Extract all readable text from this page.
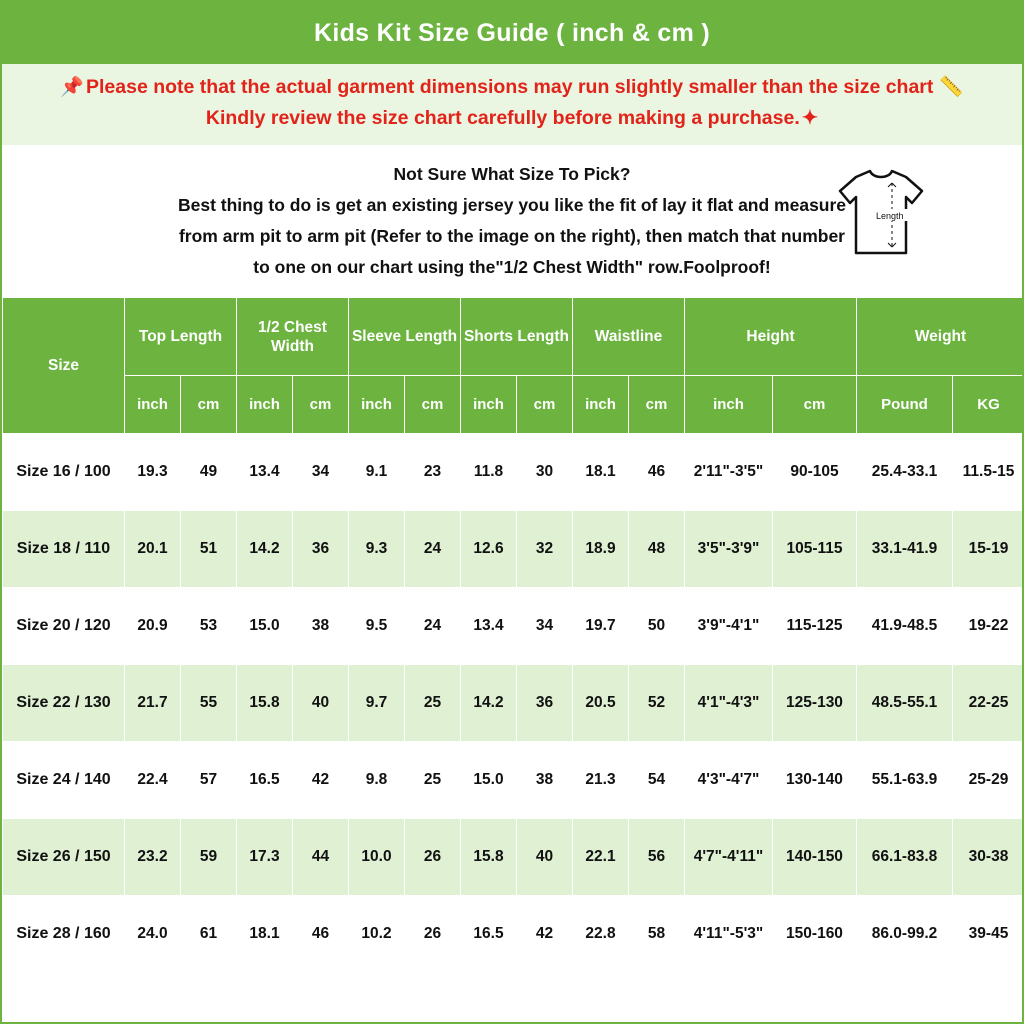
Kids Kit Size Guide ( inch & cm )
📌 Please note that the actual garment dimensions may run slightly smaller than the size chart 📏
Kindly review the size chart carefully before making a purchase. ✦
Not Sure What Size To Pick?
Best thing to do is get an existing jersey you like the fit of lay it flat and measure
from arm pit to arm pit (Refer to the image on the right), then match that number
to one on our chart using the"1/2 Chest Width" row.Foolproof!
Length
Size	Top Length		1/2 Chest Width		Sleeve Length		Shorts Length		Waistline		Height		Weight	
	inch	cm	inch	cm	inch	cm	inch	cm	inch	cm	inch	cm	Pound	KG
Size 16 / 100	19.3	49	13.4	34	9.1	23	11.8	30	18.1	46	2'11"-3'5"	90-105	25.4-33.1	11.5-15
Size 18 / 110	20.1	51	14.2	36	9.3	24	12.6	32	18.9	48	3'5"-3'9"	105-115	33.1-41.9	15-19
Size 20 / 120	20.9	53	15.0	38	9.5	24	13.4	34	19.7	50	3'9"-4'1"	115-125	41.9-48.5	19-22
Size 22 / 130	21.7	55	15.8	40	9.7	25	14.2	36	20.5	52	4'1"-4'3"	125-130	48.5-55.1	22-25
Size 24 / 140	22.4	57	16.5	42	9.8	25	15.0	38	21.3	54	4'3"-4'7"	130-140	55.1-63.9	25-29
Size 26 / 150	23.2	59	17.3	44	10.0	26	15.8	40	22.1	56	4'7"-4'11"	140-150	66.1-83.8	30-38
Size 28 / 160	24.0	61	18.1	46	10.2	26	16.5	42	22.8	58	4'11"-5'3"	150-160	86.0-99.2	39-45
